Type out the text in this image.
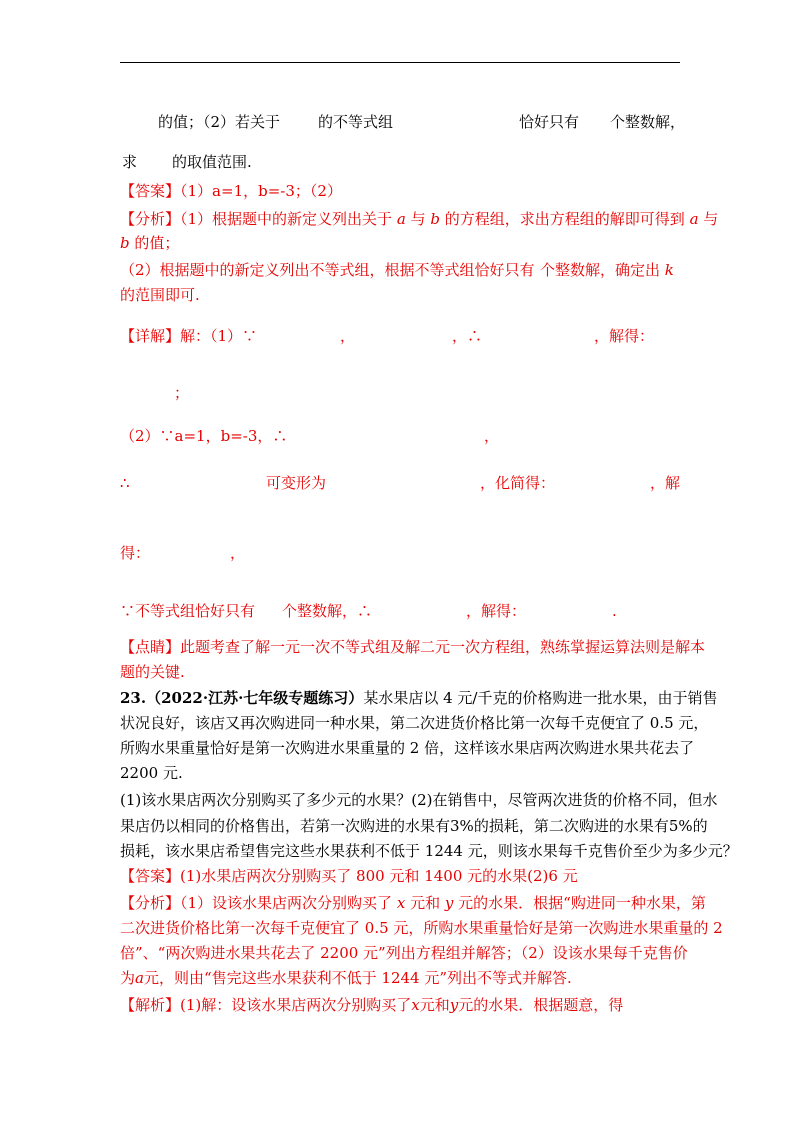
的值；（2）若关于	的不等式组	恰好只有 个整数解，
求 的取值范围.
【答案】（1）a=1，b=-3；（2）
【分析】（1）根据题中的新定义列出关于 a 与 b 的方程组，求出方程组的解即可得到 a 与
b 的值；
（2）根据题中的新定义列出不等式组，根据不等式组恰好只有 个整数解，确定出 k
的范围即可.
【详解】解：（1）∵	，	，∴	，解得：
；
（2）∵a=1，b=-3，∴	，
∴	可变形为	，化简得：	，解
得：	，
∵不等式组恰好只有 个整数解，∴	，解得：	.
【点睛】此题考查了解一元一次不等式组及解二元一次方程组，熟练掌握运算法则是解本
题的关键.
23.（2022·江苏·七年级专题练习）某水果店以 4 元/千克的价格购进一批水果，由于销售
状况良好，该店又再次购进同一种水果，第二次进货价格比第一次每千克便宜了 0.5 元，
所购水果重量恰好是第一次购进水果重量的 2 倍，这样该水果店两次购进水果共花去了
2200 元.
(1)该水果店两次分别购买了多少元的水果？(2)在销售中，尽管两次进货的价格不同，但水
果店仍以相同的价格售出，若第一次购进的水果有3%的损耗，第二次购进的水果有5%的
损耗，该水果店希望售完这些水果获利不低于 1244 元，则该水果每千克售价至少为多少元？
【答案】(1)水果店两次分别购买了 800 元和 1400 元的水果(2)6 元
【分析】（1）设该水果店两次分别购买了 x 元和 y 元的水果．根据“购进同一种水果，第
二次进货价格比第一次每千克便宜了 0.5 元，所购水果重量恰好是第一次购进水果重量的 2
倍”、“两次购进水果共花去了 2200 元”列出方程组并解答；（2）设该水果每千克售价
为a元，则由“售完这些水果获利不低于 1244 元”列出不等式并解答.
【解析】(1)解：设该水果店两次分别购买了x元和y元的水果．根据题意，得
